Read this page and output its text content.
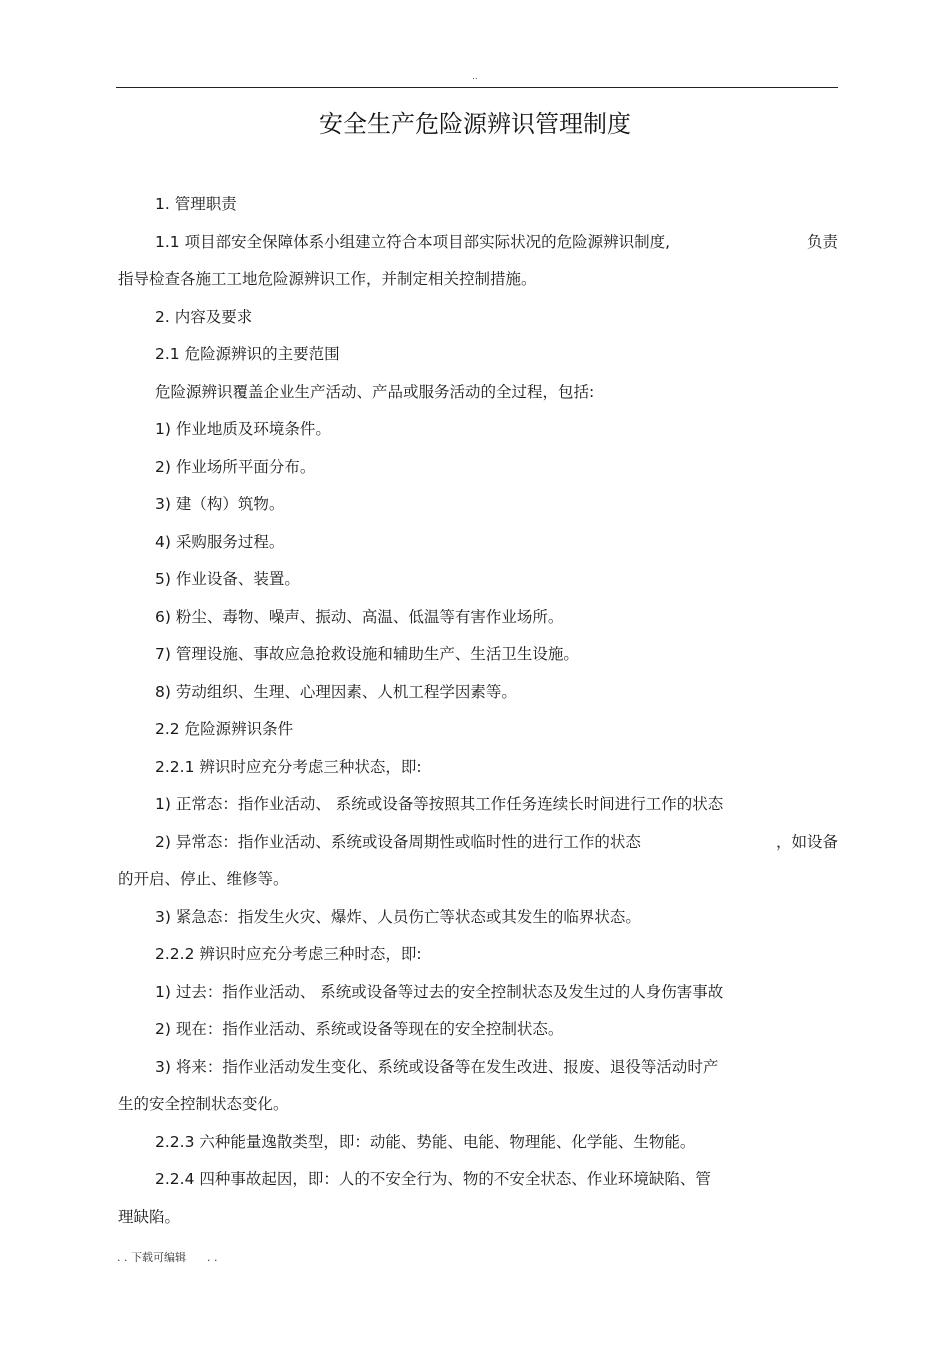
..
安全生产危险源辨识管理制度

1. 管理职责

1.1 项目部安全保障体系小组建立符合本项目部实际状况的危险源辨识制度,	负责

指导检查各施工工地危险源辨识工作，并制定相关控制措施。

2. 内容及要求

2.1 危险源辨识的主要范围

危险源辨识覆盖企业生产活动、产品或服务活动的全过程，包括:

1) 作业地质及环境条件。

2) 作业场所平面分布。

3) 建（构）筑物。

4) 采购服务过程。

5) 作业设备、装置。

6) 粉尘、毒物、噪声、振动、高温、低温等有害作业场所。

7) 管理设施、事故应急抢救设施和辅助生产、生活卫生设施。

8) 劳动组织、生理、心理因素、人机工程学因素等。

2.2 危险源辨识条件

2.2.1 辨识时应充分考虑三种状态，即:

1) 正常态：指作业活动、 系统或设备等按照其工作任务连续长时间进行工作的状态

2) 异常态：指作业活动、系统或设备周期性或临时性的进行工作的状态	，如设备

的开启、停止、维修等。

3) 紧急态：指发生火灾、爆炸、人员伤亡等状态或其发生的临界状态。

2.2.2 辨识时应充分考虑三种时态，即:

1) 过去：指作业活动、 系统或设备等过去的安全控制状态及发生过的人身伤害事故

2) 现在：指作业活动、系统或设备等现在的安全控制状态。

3) 将来：指作业活动发生变化、系统或设备等在发生改进、报废、退役等活动时产

生的安全控制状态变化。

2.2.3 六种能量逸散类型，即：动能、势能、电能、物理能、化学能、生物能。

2.2.4 四种事故起因，即：人的不安全行为、物的不安全状态、作业环境缺陷、管

理缺陷。

. . 下载可编辑      . .
